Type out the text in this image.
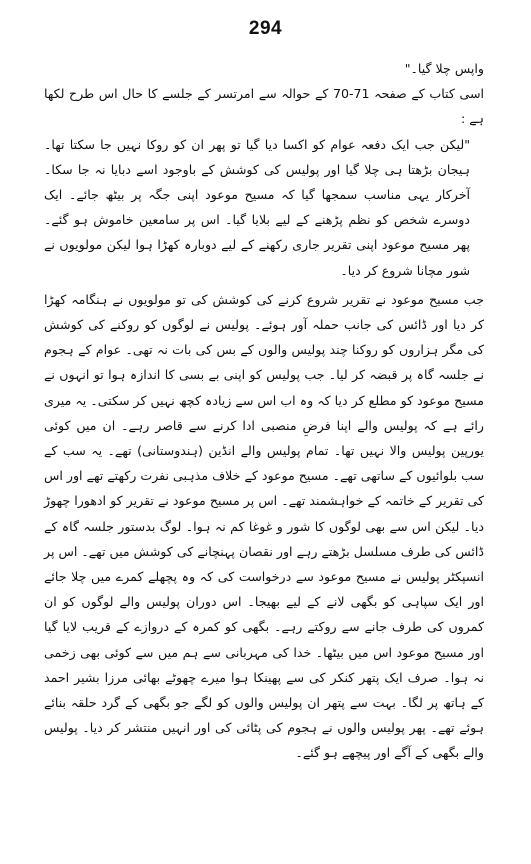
294

واپس چلا گیا۔"

اسی کتاب کے صفحہ 71-70 کے حوالہ سے امرتسر کے جلسے کا حال اس طرح لکھا ہے :

"لیکن جب ایک دفعہ عوام کو اکسا دیا گیا تو پھر ان کو روکا نہیں جا سکتا تھا۔ ہیجان بڑھتا ہی چلا گیا اور پولیس کی کوشش کے باوجود اسے دبایا نہ جا سکا۔ آخرکار یہی مناسب سمجھا گیا کہ مسیح موعود اپنی جگہ پر بیٹھ جائے۔ ایک دوسرے شخص کو نظم پڑھنے کے لیے بلایا گیا۔ اس پر سامعین خاموش ہو گئے۔ پھر مسیح موعود اپنی تقریر جاری رکھنے کے لیے دوبارہ کھڑا ہوا لیکن مولویوں نے شور مچانا شروع کر دیا۔

جب مسیح موعود نے تقریر شروع کرنے کی کوشش کی تو مولویوں نے ہنگامہ کھڑا کر دیا اور ڈائس کی جانب حملہ آور ہوئے۔ پولیس نے لوگوں کو روکنے کی کوشش کی مگر ہزاروں کو روکنا چند پولیس والوں کے بس کی بات نہ تھی۔ عوام کے ہجوم نے جلسہ گاہ پر قبضہ کر لیا۔ جب پولیس کو اپنی بے بسی کا اندازہ ہوا تو انہوں نے مسیح موعود کو مطلع کر دیا کہ وہ اب اس سے زیادہ کچھ نہیں کر سکتی۔ یہ میری رائے ہے کہ پولیس والے اپنا فرضِ منصبی ادا کرنے سے قاصر رہے۔ ان میں کوئی یورپین پولیس والا نہیں تھا۔ تمام پولیس والے انڈین (ہندوستانی) تھے۔ یہ سب کے سب بلوائیوں کے ساتھی تھے۔ مسیح موعود کے خلاف مذہبی نفرت رکھتے تھے اور اس کی تقریر کے خاتمہ کے خواہشمند تھے۔ اس پر مسیح موعود نے تقریر کو ادھورا چھوڑ دیا۔ لیکن اس سے بھی لوگوں کا شور و غوغا کم نہ ہوا۔ لوگ بدستور جلسہ گاہ کے ڈائس کی طرف مسلسل بڑھتے رہے اور نقصان پہنچانے کی کوشش میں تھے۔ اس پر انسپکٹر پولیس نے مسیح موعود سے درخواست کی کہ وہ پچھلے کمرے میں چلا جائے اور ایک سپاہی کو بگھی لانے کے لیے بھیجا۔ اس دوران پولیس والے لوگوں کو ان کمروں کی طرف جانے سے روکتے رہے۔ بگھی کو کمرہ کے دروازے کے قریب لایا گیا اور مسیح موعود اس میں بیٹھا۔ خدا کی مہربانی سے ہم میں سے کوئی بھی زخمی نہ ہوا۔ صرف ایک پتھر کنکر کی سے پھینکا ہوا میرے چھوٹے بھائی مرزا بشیر احمد کے ہاتھ پر لگا۔ بہت سے پتھر ان پولیس والوں کو لگے جو بگھی کے گرد حلقہ بنائے ہوئے تھے۔ پھر پولیس والوں نے ہجوم کی پٹائی کی اور انہیں منتشر کر دیا۔ پولیس والے بگھی کے آگے اور پیچھے ہو گئے۔
